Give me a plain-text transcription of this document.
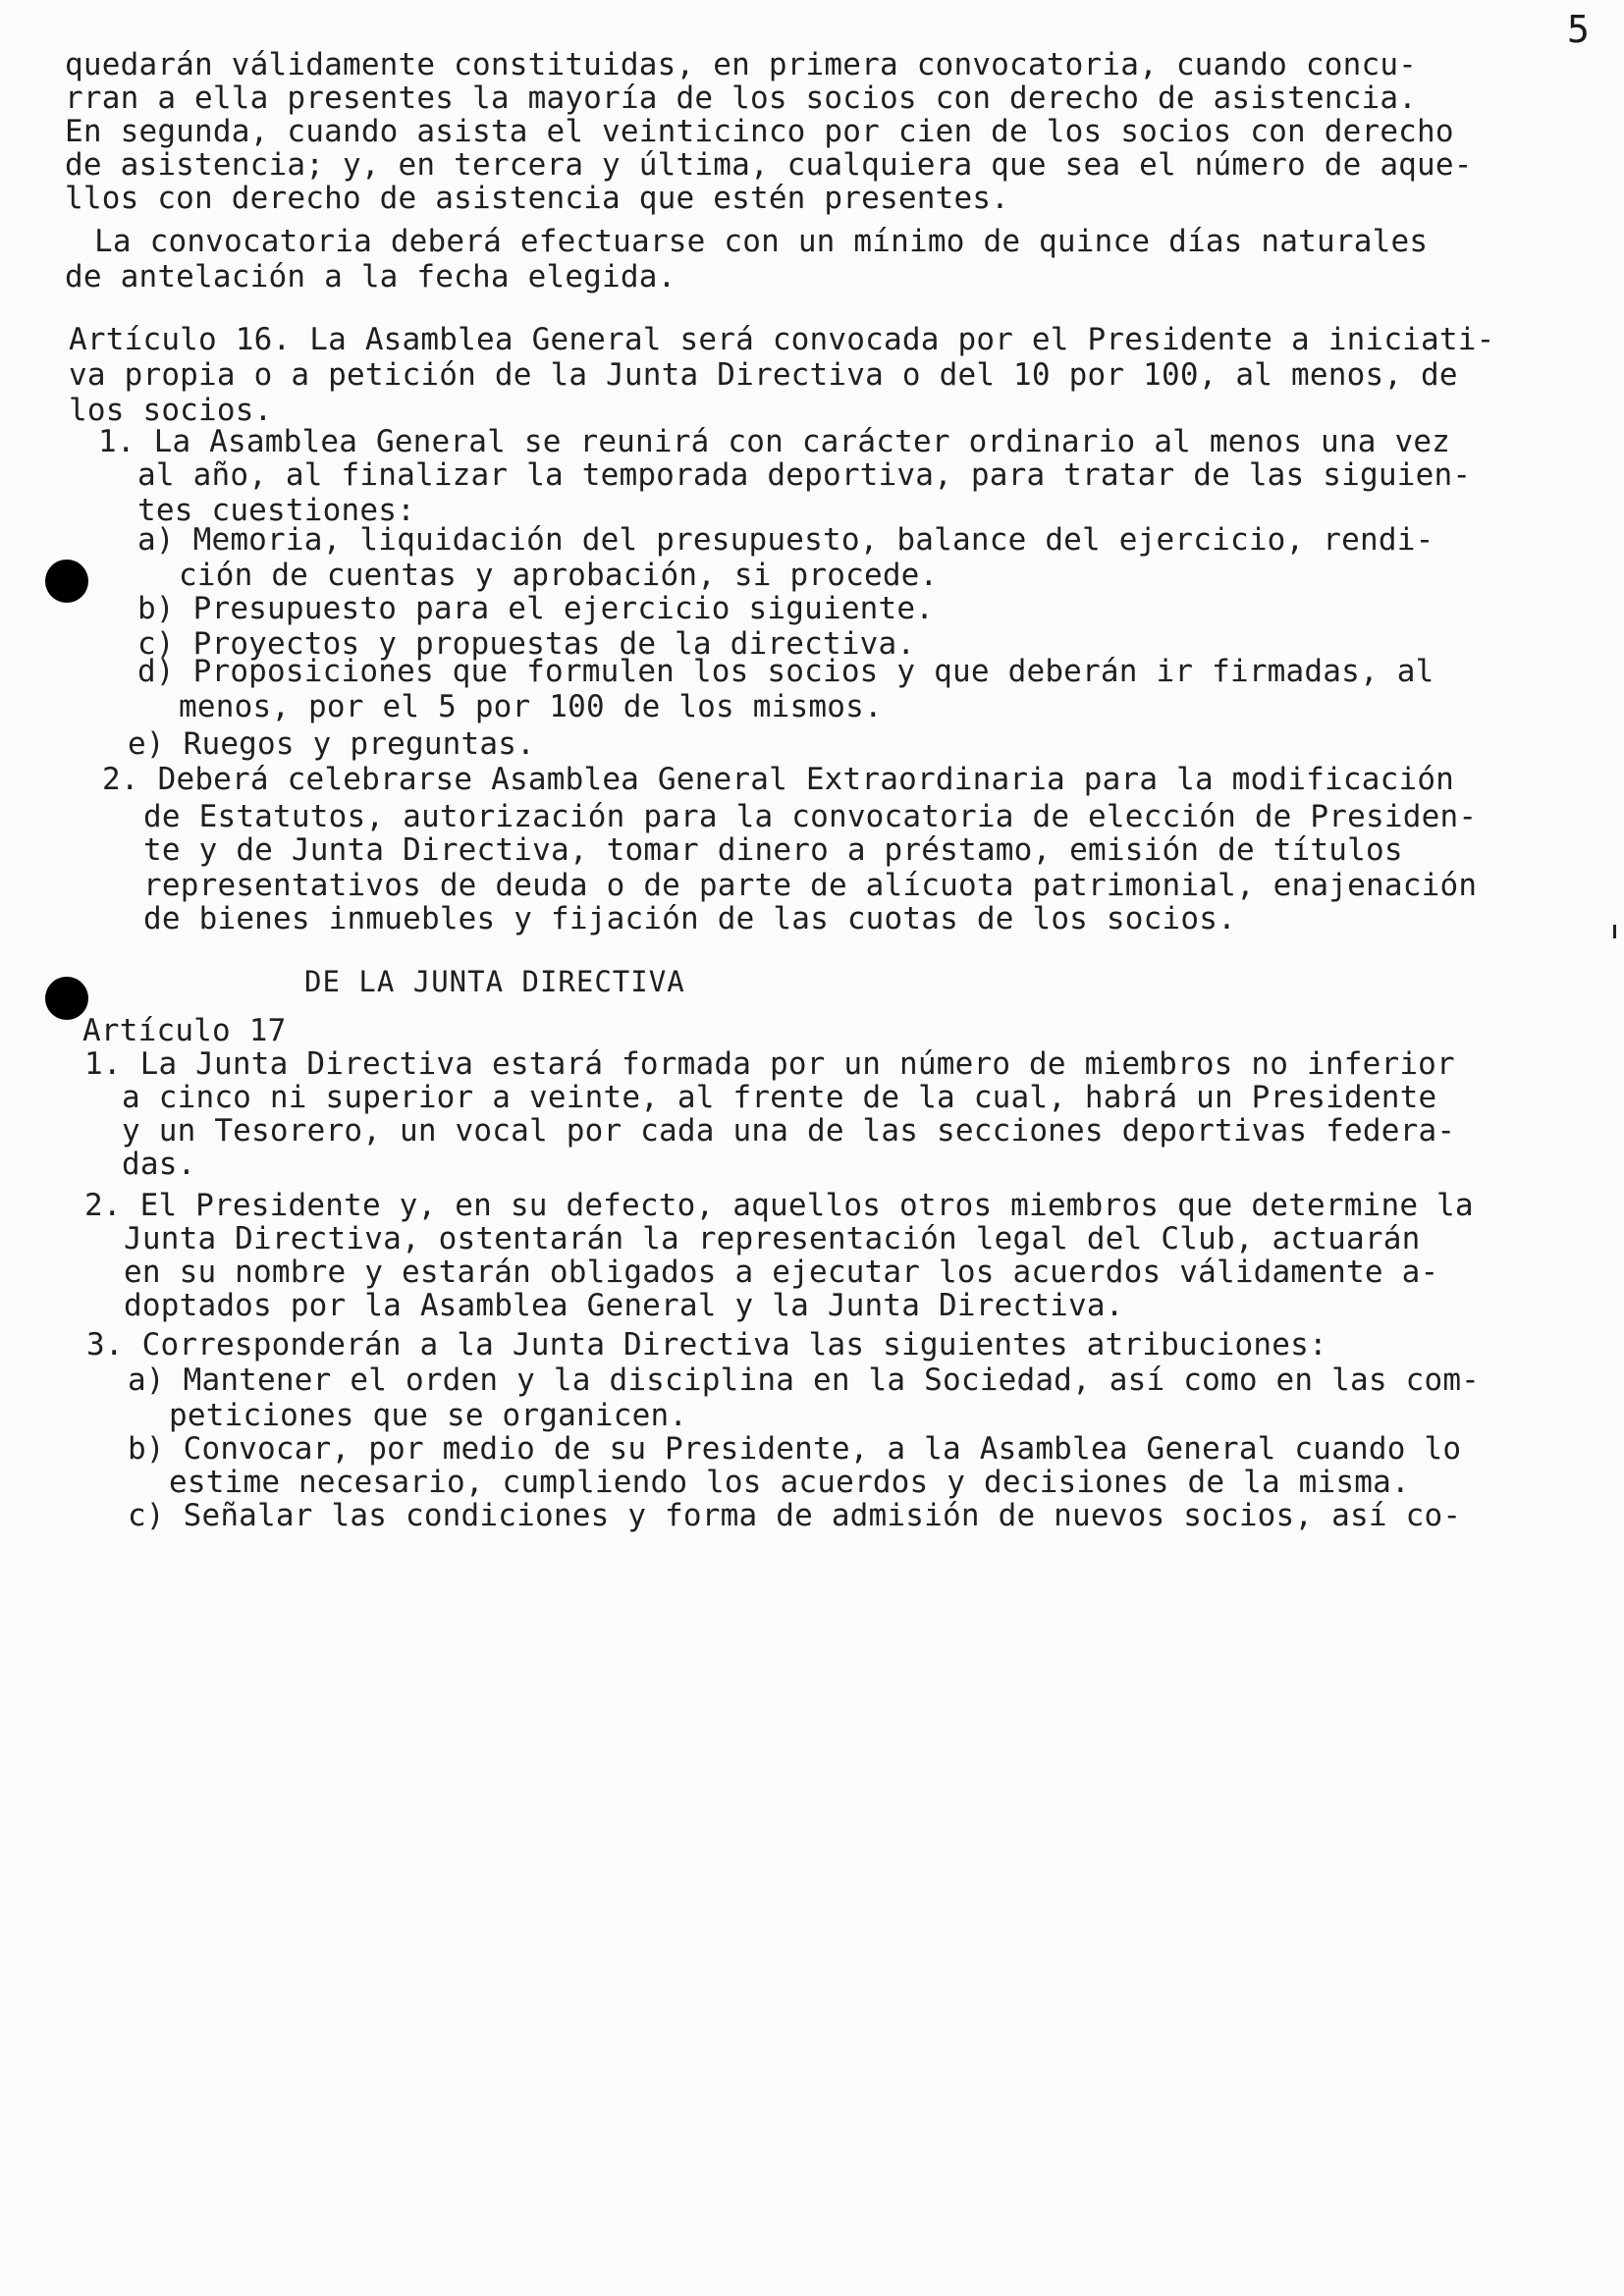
5
quedarán válidamente constituidas, en primera convocatoria, cuando concu-
rran a ella presentes la mayoría de los socios con derecho de asistencia.
En segunda, cuando asista el veinticinco por cien de los socios con derecho
de asistencia; y, en tercera y última, cualquiera que sea el número de aque-
llos con derecho de asistencia que estén presentes.
La convocatoria deberá efectuarse con un mínimo de quince días naturales
de antelación a la fecha elegida.
Artículo 16. La Asamblea General será convocada por el Presidente a iniciati-
va propia o a petición de la Junta Directiva o del 10 por 100, al menos, de
los socios.
1. La Asamblea General se reunirá con carácter ordinario al menos una vez
al año, al finalizar la temporada deportiva, para tratar de las siguien-
tes cuestiones:
a) Memoria, liquidación del presupuesto, balance del ejercicio, rendi-
ción de cuentas y aprobación, si procede.
b) Presupuesto para el ejercicio siguiente.
c) Proyectos y propuestas de la directiva.
d) Proposiciones que formulen los socios y que deberán ir firmadas, al
menos, por el 5 por 100 de los mismos.
e) Ruegos y preguntas.
2. Deberá celebrarse Asamblea General Extraordinaria para la modificación
de Estatutos, autorización para la convocatoria de elección de Presiden-
te y de Junta Directiva, tomar dinero a préstamo, emisión de títulos
representativos de deuda o de parte de alícuota patrimonial, enajenación
de bienes inmuebles y fijación de las cuotas de los socios.
DE LA JUNTA DIRECTIVA
Artículo 17
1. La Junta Directiva estará formada por un número de miembros no inferior
a cinco ni superior a veinte, al frente de la cual, habrá un Presidente
y un Tesorero, un vocal por cada una de las secciones deportivas federa-
das.
2. El Presidente y, en su defecto, aquellos otros miembros que determine la
Junta Directiva, ostentarán la representación legal del Club, actuarán
en su nombre y estarán obligados a ejecutar los acuerdos válidamente a-
doptados por la Asamblea General y la Junta Directiva.
3. Corresponderán a la Junta Directiva las siguientes atribuciones:
a) Mantener el orden y la disciplina en la Sociedad, así como en las com-
peticiones que se organicen.
b) Convocar, por medio de su Presidente, a la Asamblea General cuando lo
estime necesario, cumpliendo los acuerdos y decisiones de la misma.
c) Señalar las condiciones y forma de admisión de nuevos socios, así co-
